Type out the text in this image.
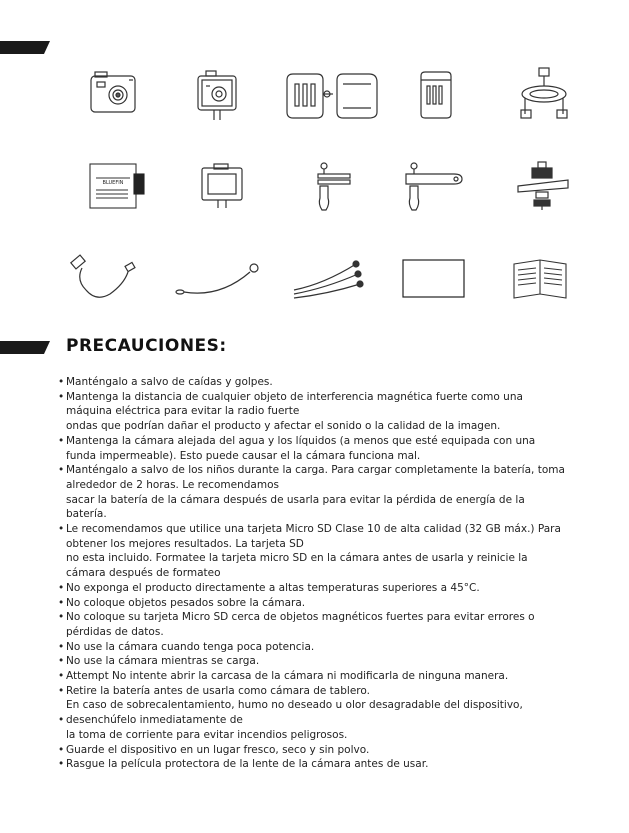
BLUEFIN
PRECAUCIONES:
• Manténgalo a salvo de caídas y golpes.
• Mantenga la distancia de cualquier objeto de interferencia magnética fuerte como una
máquina eléctrica para evitar la radio fuerte
ondas que podrían dañar el producto y afectar el sonido o la calidad de la imagen.
• Mantenga la cámara alejada del agua y los líquidos (a menos que esté equipada con una
funda impermeable). Esto puede causar el la cámara funciona mal.
• Manténgalo a salvo de los niños durante la carga. Para cargar completamente la batería, toma
alrededor de 2 horas. Le recomendamos
sacar la batería de la cámara después de usarla para evitar la pérdida de energía de la
batería.
• Le recomendamos que utilice una tarjeta Micro SD Clase 10 de alta calidad (32 GB máx.) Para
obtener los mejores resultados. La tarjeta SD
no esta incluido. Formatee la tarjeta micro SD en la cámara antes de usarla y reinicie la
cámara después de formateo
• No exponga el producto directamente a altas temperaturas superiores a 45°C.
• No coloque objetos pesados sobre la cámara.
• No coloque su tarjeta Micro SD cerca de objetos magnéticos fuertes para evitar errores o
pérdidas de datos.
• No use la cámara cuando tenga poca potencia.
• No use la cámara mientras se carga.
• Attempt No intente abrir la carcasa de la cámara ni modificarla de ninguna manera.
• Retire la batería antes de usarla como cámara de tablero.
En caso de sobrecalentamiento, humo no deseado u olor desagradable del dispositivo,
• desenchúfelo inmediatamente de
la toma de corriente para evitar incendios peligrosos.
• Guarde el dispositivo en un lugar fresco, seco y sin polvo.
• Rasgue la película protectora de la lente de la cámara antes de usar.
